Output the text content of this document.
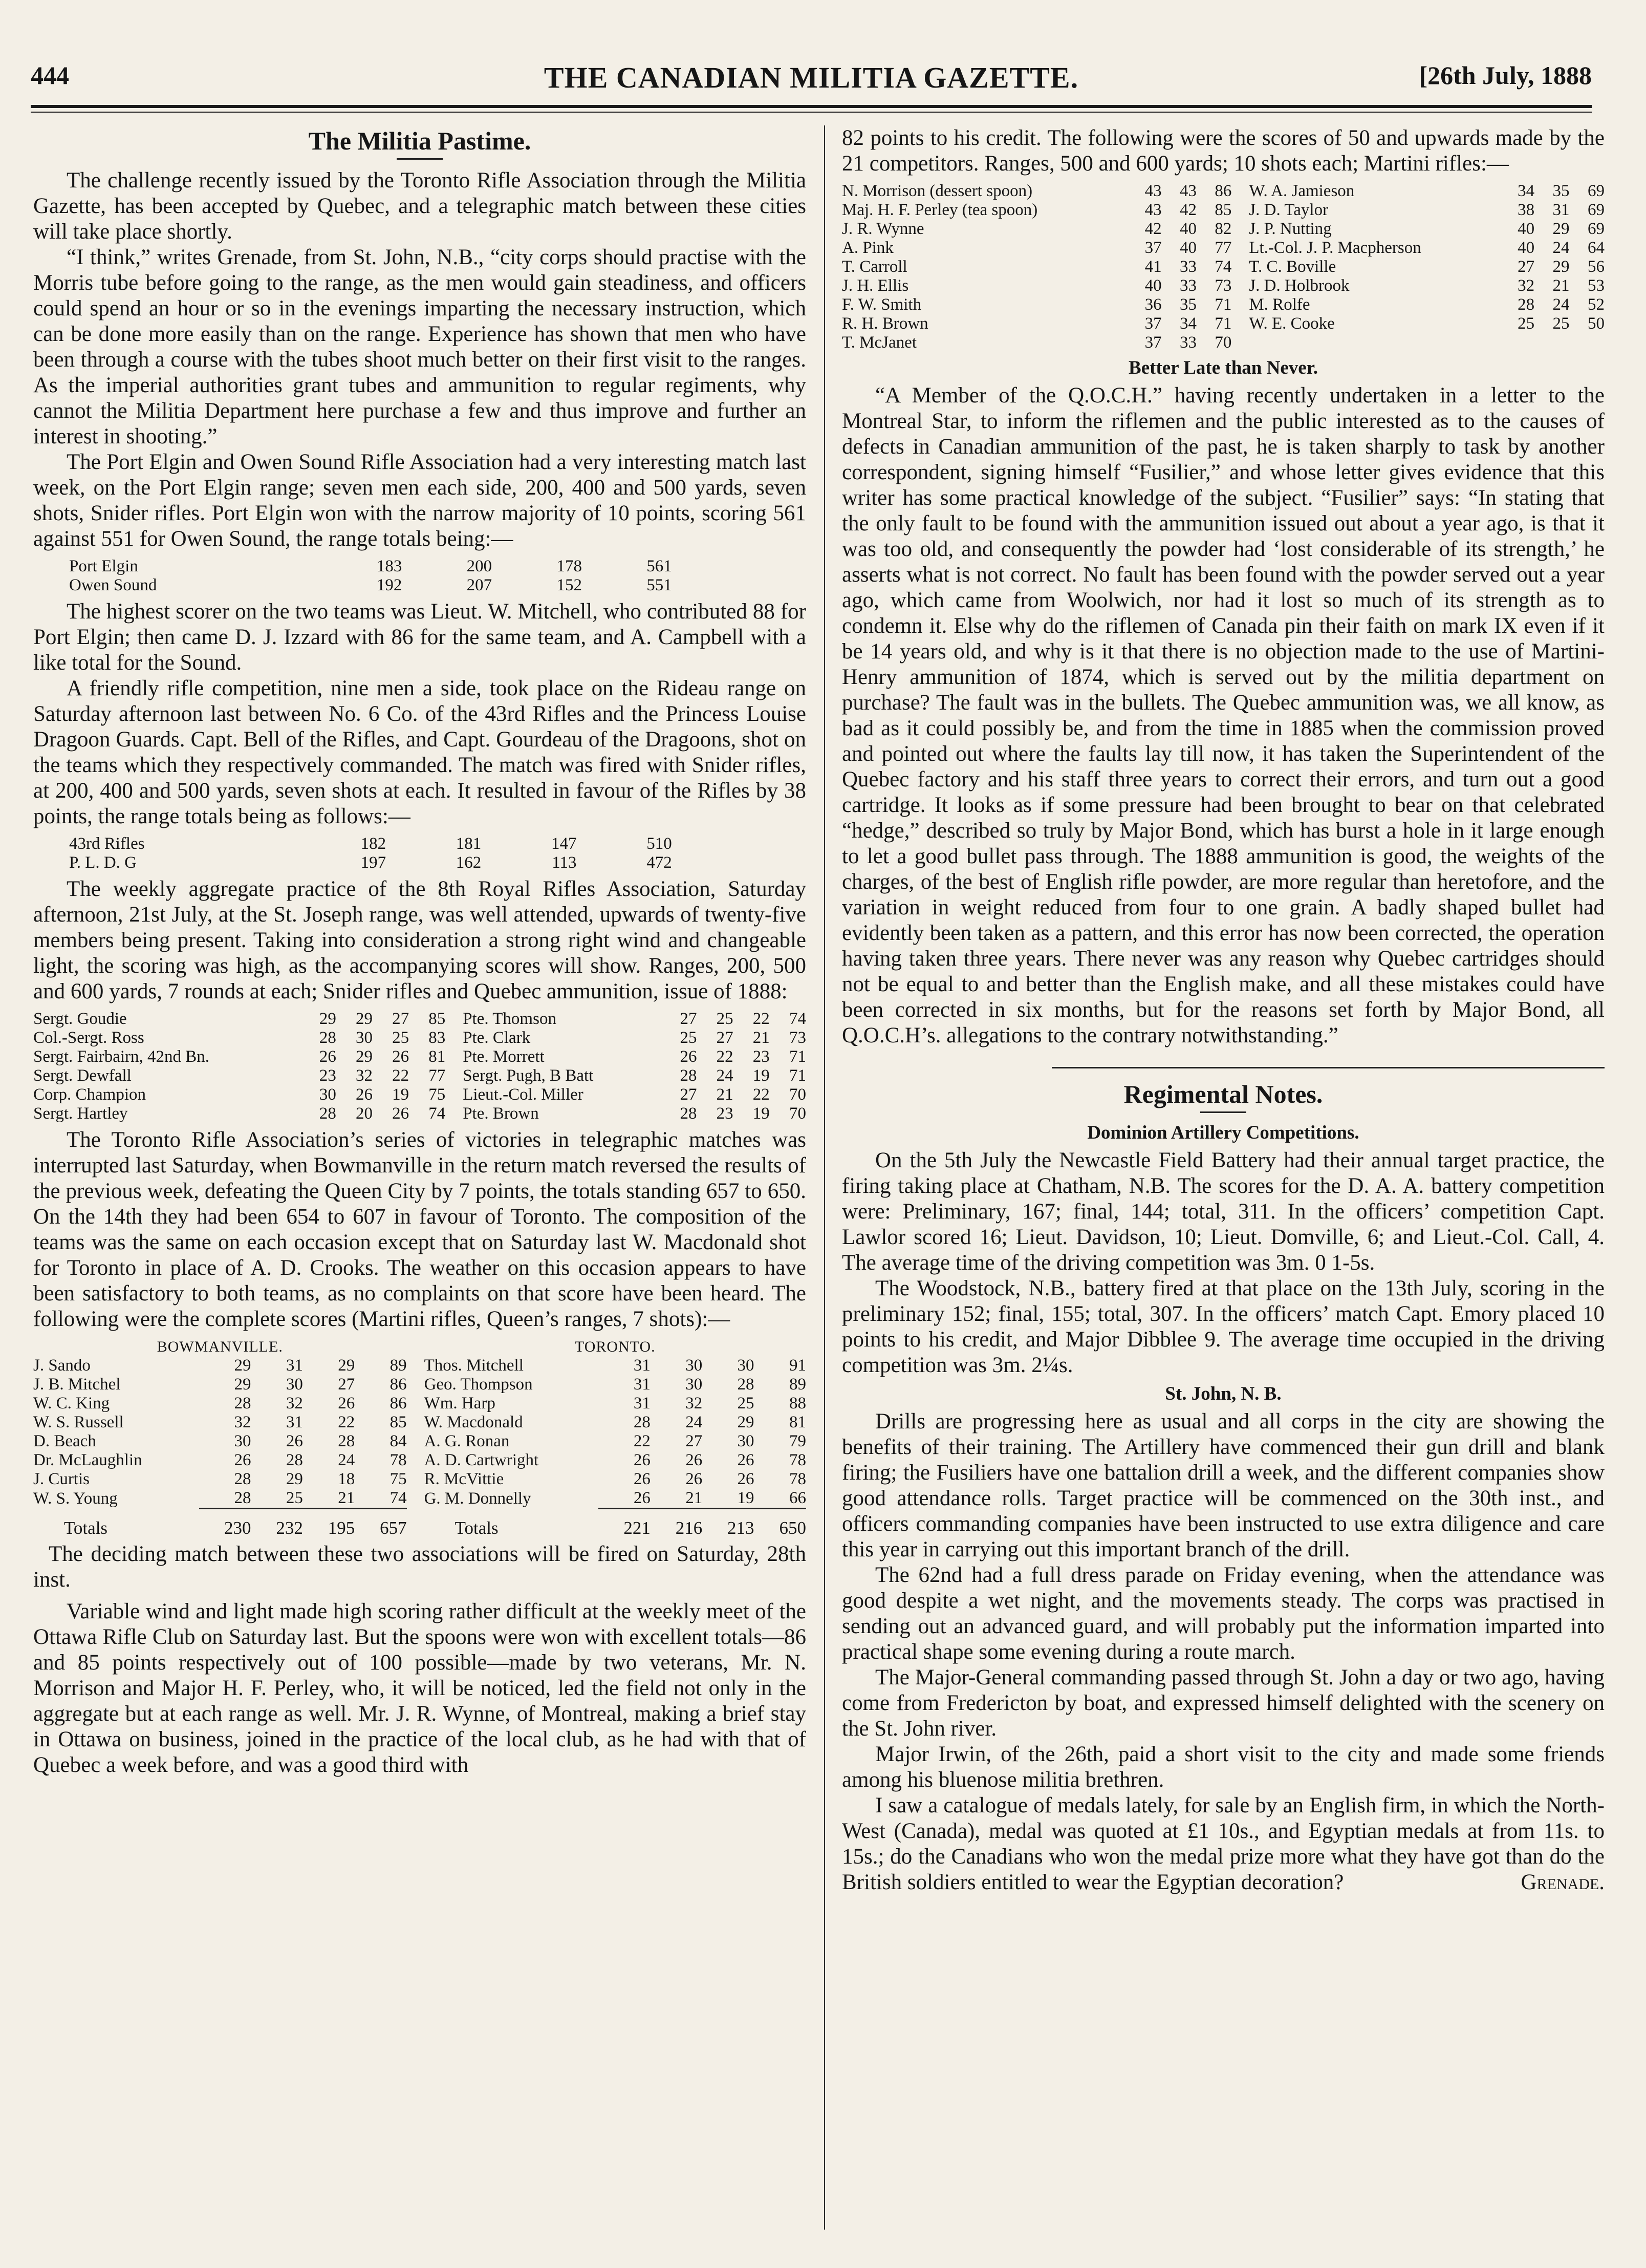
444	THE CANADIAN MILITIA GAZETTE.	[26th July, 1888
The Militia Pastime.

The challenge recently issued by the Toronto Rifle Association through the Militia Gazette, has been accepted by Quebec, and a telegraphic match between these cities will take place shortly.

“I think,” writes Grenade, from St. John, N.B., “city corps should practise with the Morris tube before going to the range, as the men would gain steadiness, and officers could spend an hour or so in the evenings imparting the necessary instruction, which can be done more easily than on the range. Experience has shown that men who have been through a course with the tubes shoot much better on their first visit to the ranges. As the imperial authorities grant tubes and ammunition to regular regiments, why cannot the Militia Department here purchase a few and thus improve and further an interest in shooting.”

The Port Elgin and Owen Sound Rifle Association had a very interesting match last week, on the Port Elgin range; seven men each side, 200, 400 and 500 yards, seven shots, Snider rifles. Port Elgin won with the narrow majority of 10 points, scoring 561 against 551 for Owen Sound, the range totals being:—

Port Elgin	183	200	178	561
Owen Sound	192	207	152	551

The highest scorer on the two teams was Lieut. W. Mitchell, who contributed 88 for Port Elgin; then came D. J. Izzard with 86 for the same team, and A. Campbell with a like total for the Sound.

A friendly rifle competition, nine men a side, took place on the Rideau range on Saturday afternoon last between No. 6 Co. of the 43rd Rifles and the Princess Louise Dragoon Guards. Capt. Bell of the Rifles, and Capt. Gourdeau of the Dragoons, shot on the teams which they respectively commanded. The match was fired with Snider rifles, at 200, 400 and 500 yards, seven shots at each. It resulted in favour of the Rifles by 38 points, the range totals being as follows:—

43rd Rifles	182	181	147	510
P. L. D. G	197	162	113	472

The weekly aggregate practice of the 8th Royal Rifles Association, Saturday afternoon, 21st July, at the St. Joseph range, was well attended, upwards of twenty-five members being present. Taking into consideration a strong right wind and changeable light, the scoring was high, as the accompanying scores will show. Ranges, 200, 500 and 600 yards, 7 rounds at each; Snider rifles and Quebec ammunition, issue of 1888:

Sergt. Goudie	29	29	27	85		Pte. Thomson	27	25	22	74
Col.-Sergt. Ross	28	30	25	83		Pte. Clark	25	27	21	73
Sergt. Fairbairn, 42nd Bn.	26	29	26	81		Pte. Morrett	26	22	23	71
Sergt. Dewfall	23	32	22	77		Sergt. Pugh, B Batt	28	24	19	71
Corp. Champion	30	26	19	75		Lieut.-Col. Miller	27	21	22	70
Sergt. Hartley	28	20	26	74		Pte. Brown	28	23	19	70

The Toronto Rifle Association’s series of victories in telegraphic matches was interrupted last Saturday, when Bowmanville in the return match reversed the results of the previous week, defeating the Queen City by 7 points, the totals standing 657 to 650. On the 14th they had been 654 to 607 in favour of Toronto. The composition of the teams was the same on each occasion except that on Saturday last W. Macdonald shot for Toronto in place of A. D. Crooks. The weather on this occasion appears to have been satisfactory to both teams, as no complaints on that score have been heard. The following were the complete scores (Martini rifles, Queen’s ranges, 7 shots):—

BOWMANVILLE.						TORONTO.				
J. Sando	29	31	29	89		Thos. Mitchell	31	30	30	91
J. B. Mitchel	29	30	27	86		Geo. Thompson	31	30	28	89
W. C. King	28	32	26	86		Wm. Harp	31	32	25	88
W. S. Russell	32	31	22	85		W. Macdonald	28	24	29	81
D. Beach	30	26	28	84		A. G. Ronan	22	27	30	79
Dr. McLaughlin	26	28	24	78		A. D. Cartwright	26	26	26	78
J. Curtis	28	29	18	75		R. McVittie	26	26	26	78
W. S. Young	28	25	21	74		G. M. Donnelly	26	21	19	66

Totals	230	232	195	657		Totals	221	216	213	650

The deciding match between these two associations will be fired on Saturday, 28th inst.

Variable wind and light made high scoring rather difficult at the weekly meet of the Ottawa Rifle Club on Saturday last. But the spoons were won with excellent totals—86 and 85 points respectively out of 100 possible—made by two veterans, Mr. N. Morrison and Major H. F. Perley, who, it will be noticed, led the field not only in the aggregate but at each range as well. Mr. J. R. Wynne, of Montreal, making a brief stay in Ottawa on business, joined in the practice of the local club, as he had with that of Quebec a week before, and was a good third with

82 points to his credit. The following were the scores of 50 and upwards made by the 21 competitors. Ranges, 500 and 600 yards; 10 shots each; Martini rifles:—

N. Morrison (dessert spoon)	43	43	86		W. A. Jamieson	34	35	69
Maj. H. F. Perley (tea spoon)	43	42	85		J. D. Taylor	38	31	69
J. R. Wynne	42	40	82		J. P. Nutting	40	29	69
A. Pink	37	40	77		Lt.-Col. J. P. Macpherson	40	24	64
T. Carroll	41	33	74		T. C. Boville	27	29	56
J. H. Ellis	40	33	73		J. D. Holbrook	32	21	53
F. W. Smith	36	35	71		M. Rolfe	28	24	52
R. H. Brown	37	34	71		W. E. Cooke	25	25	50
T. McJanet	37	33	70					
Better Late than Never.

“A Member of the Q.O.C.H.” having recently undertaken in a letter to the Montreal Star, to inform the riflemen and the public interested as to the causes of defects in Canadian ammunition of the past, he is taken sharply to task by another correspondent, signing himself “Fusilier,” and whose letter gives evidence that this writer has some practical knowledge of the subject. “Fusilier” says: “In stating that the only fault to be found with the ammunition issued out about a year ago, is that it was too old, and consequently the powder had ‘lost considerable of its strength,’ he asserts what is not correct. No fault has been found with the powder served out a year ago, which came from Woolwich, nor had it lost so much of its strength as to condemn it. Else why do the riflemen of Canada pin their faith on mark IX even if it be 14 years old, and why is it that there is no objection made to the use of Martini-Henry ammunition of 1874, which is served out by the militia department on purchase? The fault was in the bullets. The Quebec ammunition was, we all know, as bad as it could possibly be, and from the time in 1885 when the commission proved and pointed out where the faults lay till now, it has taken the Superintendent of the Quebec factory and his staff three years to correct their errors, and turn out a good cartridge. It looks as if some pressure had been brought to bear on that celebrated “hedge,” described so truly by Major Bond, which has burst a hole in it large enough to let a good bullet pass through. The 1888 ammunition is good, the weights of the charges, of the best of English rifle powder, are more regular than heretofore, and the variation in weight reduced from four to one grain. A badly shaped bullet had evidently been taken as a pattern, and this error has now been corrected, the operation having taken three years. There never was any reason why Quebec cartridges should not be equal to and better than the English make, and all these mistakes could have been corrected in six months, but for the reasons set forth by Major Bond, all Q.O.C.H’s. allegations to the contrary notwithstanding.”

Regimental Notes.
Dominion Artillery Competitions.

On the 5th July the Newcastle Field Battery had their annual target practice, the firing taking place at Chatham, N.B. The scores for the D. A. A. battery competition were: Preliminary, 167; final, 144; total, 311. In the officers’ competition Capt. Lawlor scored 16; Lieut. Davidson, 10; Lieut. Domville, 6; and Lieut.-Col. Call, 4. The average time of the driving competition was 3m. 0 1-5s.

The Woodstock, N.B., battery fired at that place on the 13th July, scoring in the preliminary 152; final, 155; total, 307. In the officers’ match Capt. Emory placed 10 points to his credit, and Major Dibblee 9. The average time occupied in the driving competition was 3m. 2¼s.

St. John, N. B.

Drills are progressing here as usual and all corps in the city are showing the benefits of their training. The Artillery have commenced their gun drill and blank firing; the Fusiliers have one battalion drill a week, and the different companies show good attendance rolls. Target practice will be commenced on the 30th inst., and officers commanding companies have been instructed to use extra diligence and care this year in carrying out this important branch of the drill.

The 62nd had a full dress parade on Friday evening, when the attendance was good despite a wet night, and the movements steady. The corps was practised in sending out an advanced guard, and will probably put the information imparted into practical shape some evening during a route march.

The Major-General commanding passed through St. John a day or two ago, having come from Fredericton by boat, and expressed himself delighted with the scenery on the St. John river.

Major Irwin, of the 26th, paid a short visit to the city and made some friends among his bluenose militia brethren.

I saw a catalogue of medals lately, for sale by an English firm, in which the North-West (Canada), medal was quoted at £1 10s., and Egyptian medals at from 11s. to 15s.; do the Canadians who won the medal prize more what they have got than do the British soldiers entitled to wear the Egyptian decoration?	Grenade.
